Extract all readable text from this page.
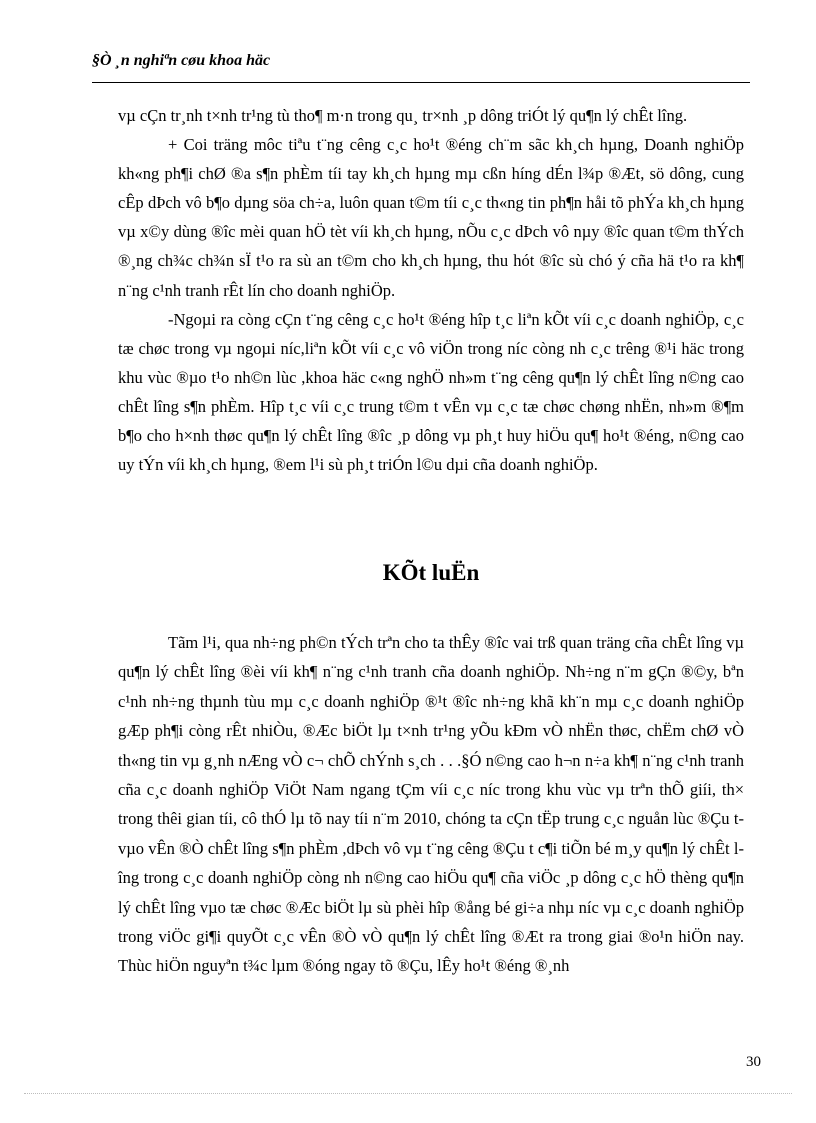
§Ò ¸n nghiªn cøu khoa häc

vµ cÇn tr¸nh t×nh tr¹ng tù tho¶ m·n trong qu¸ tr×nh ¸p dông triÓt lý qu¶n lý chÊt lîng.

+ Coi träng môc tiªu t¨ng cêng c¸c ho¹t ®éng ch¨m sãc kh¸ch hµng, Doanh nghiÖp kh«ng ph¶i chØ ®a s¶n phÈm tíi tay kh¸ch hµng mµ cßn híng dÉn l¾p ®Æt, sö dông, cung cÊp dÞch vô b¶o dµng söa ch÷a, luôn quan t©m tíi c¸c th«ng tin ph¶n håi tõ phÝa kh¸ch hµng vµ x©y dùng ®îc mèi quan hÖ tèt víi kh¸ch hµng, nÕu c¸c dÞch vô nµy ®îc quan t©m thÝch ®¸ng ch¾c ch¾n sÏ t¹o ra sù an t©m cho kh¸ch hµng, thu hót ®îc sù chó ý cña hä t¹o ra kh¶ n¨ng c¹nh tranh rÊt lín cho doanh nghiÖp.

-Ngoµi ra còng cÇn t¨ng cêng c¸c ho¹t ®éng hîp t¸c liªn kÕt víi c¸c doanh nghiÖp, c¸c tæ chøc trong vµ ngoµi níc,liªn kÕt víi c¸c vô viÖn trong níc còng nh c¸c trêng ®¹i häc trong khu vùc ®µo t¹o nh©n lùc ,khoa häc c«ng nghÖ nh»m t¨ng cêng qu¶n lý chÊt lîng n©ng cao chÊt lîng s¶n phÈm. Hîp t¸c víi c¸c trung t©m t vÊn vµ c¸c tæ chøc chøng nhËn, nh»m ®¶m b¶o cho h×nh thøc qu¶n lý chÊt lîng ®îc ¸p dông vµ ph¸t huy hiÖu qu¶ ho¹t ®éng, n©ng cao uy tÝn víi kh¸ch hµng, ®em l¹i sù ph¸t triÓn l©u dµi cña doanh nghiÖp.

KÕt luËn

Tãm l¹i, qua nh÷ng ph©n tÝch trªn cho ta thÊy ®îc vai trß quan träng cña chÊt lîng vµ qu¶n lý chÊt lîng ®èi víi kh¶ n¨ng c¹nh tranh cña doanh nghiÖp. Nh÷ng n¨m gÇn ®©y, bªn c¹nh nh÷ng thµnh tùu mµ c¸c doanh nghiÖp ®¹t ®îc nh÷ng khã kh¨n mµ c¸c doanh nghiÖp gÆp ph¶i còng rÊt nhiÒu, ®Æc biÖt lµ t×nh tr¹ng yÕu kÐm vÒ nhËn thøc, chËm chØ vÒ th«ng tin vµ g¸nh nÆng vÒ c¬ chÕ chÝnh s¸ch . . .§Ó n©ng cao h¬n n÷a kh¶ n¨ng c¹nh tranh cña c¸c doanh nghiÖp ViÖt Nam ngang tÇm víi c¸c níc trong khu vùc vµ trªn thÕ giíi, th× trong thêi gian tíi, cô thÓ lµ tõ nay tíi n¨m 2010, chóng ta cÇn tËp trung c¸c nguån lùc ®Çu t vµo vÊn ®Ò chÊt lîng s¶n phÈm ,dÞch vô vµ t¨ng cêng ®Çu t c¶i tiÕn bé m¸y qu¶n lý chÊt lîng trong c¸c doanh nghiÖp còng nh n©ng cao hiÖu qu¶ cña viÖc ¸p dông c¸c hÖ thèng qu¶n lý chÊt lîng vµo tæ chøc ®Æc biÖt lµ sù phèi hîp ®ång bé gi÷a nhµ níc vµ c¸c doanh nghiÖp trong viÖc gi¶i quyÕt c¸c vÊn ®Ò vÒ qu¶n lý chÊt lîng ®Æt ra trong giai ®o¹n hiÖn nay. Thùc hiÖn nguyªn t¾c lµm ®óng ngay tõ ®Çu, lÊy ho¹t ®éng ®¸nh

30
